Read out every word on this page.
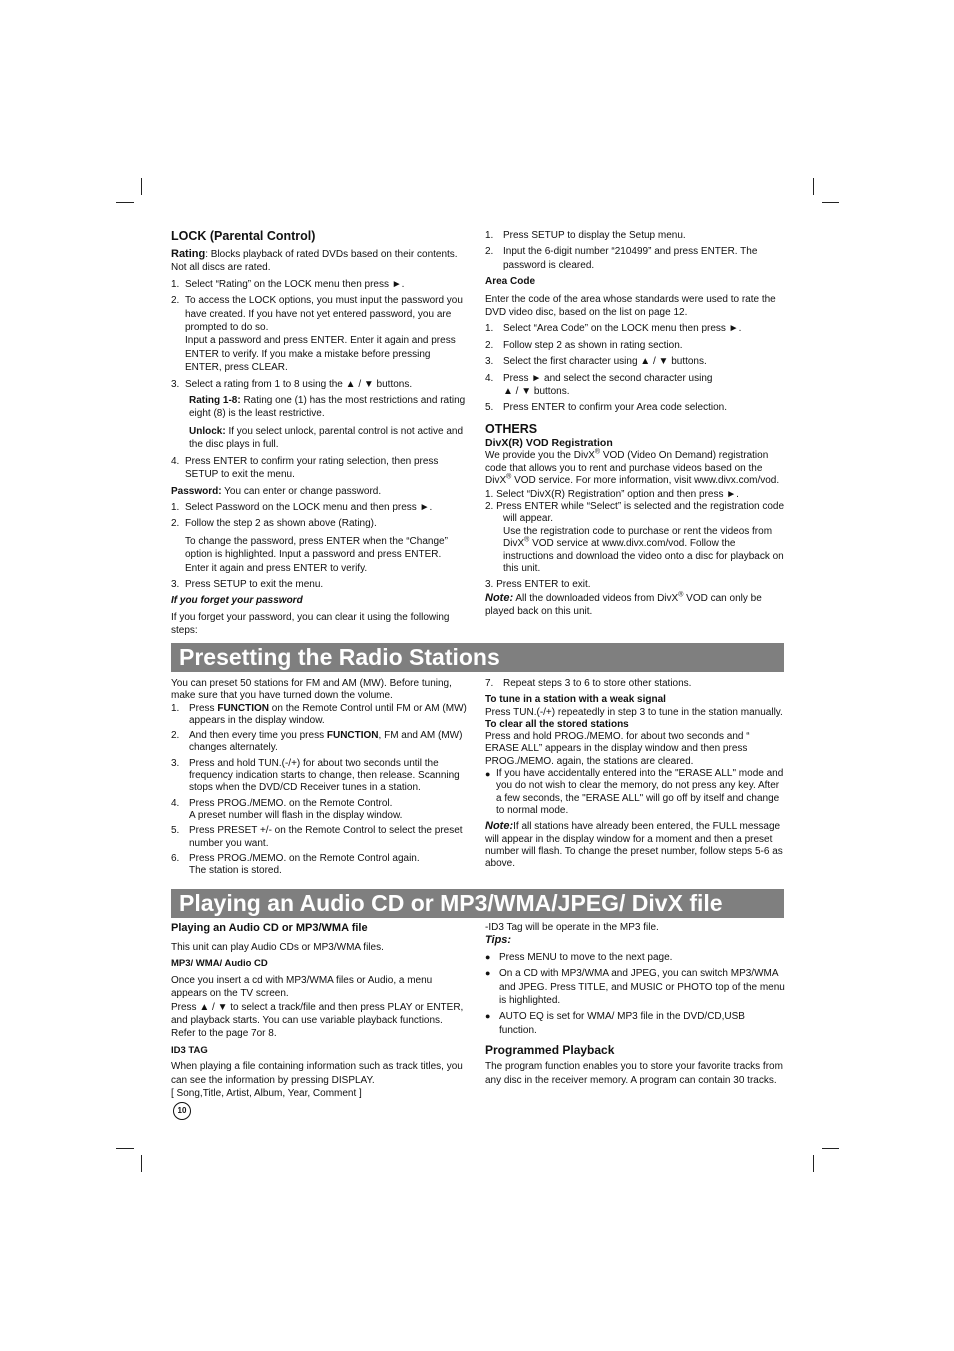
LOCK (Parental Control)

Rating: Blocks playback of rated DVDs based on their contents. Not all discs are rated.

1. Select “Rating” on the LOCK menu then press ►.
2. To access the LOCK options, you must input the password you have created. If you have not yet entered password, you are prompted to do so.

Input a password and press ENTER. Enter it again and press ENTER to verify. If you make a mistake before pressing ENTER, press CLEAR.

3. Select a rating from 1 to 8 using the ▲ / ▼ buttons.

Rating 1-8: Rating one (1) has the most restrictions and rating eight (8) is the least restrictive.

Unlock: If you select unlock, parental control is not active and the disc plays in full.

4. Press ENTER to confirm your rating selection, then press SETUP to exit the menu.

Password: You can enter or change password.

1. Select Password on the LOCK menu and then press ►.
2. Follow the step 2 as shown above (Rating).

To change the password, press ENTER when the “Change” option is highlighted. Input a password and press ENTER. Enter it again and press ENTER to verify.

3. Press SETUP to exit the menu.

If you forget your password

If you forget your password, you can clear it using the following steps:

1. Press SETUP to display the Setup menu.
2. Input the 6-digit number “210499” and press ENTER. The password is cleared.

Area Code

Enter the code of the area whose standards were used to rate the DVD video disc, based on the list on page 12.

1. Select “Area Code” on the LOCK menu then press ►.
2. Follow step 2 as shown in rating section.
3. Select the first character using ▲ / ▼ buttons.
4. Press ► and select the second character using ▲ / ▼ buttons.
5. Press ENTER to confirm your Area code selection.

OTHERS

DivX(R) VOD Registration

We provide you the DivX® VOD (Video On Demand) registration code that allows you to rent and purchase videos based on the DivX® VOD service. For more information, visit www.divx.com/vod.

1. Select “DivX(R) Registration” option and then press ►.

2. Press ENTER while “Select” is selected and the registration code will appear.

Use the registration code to purchase or rent the videos from DivX® VOD service at www.divx.com/vod. Follow the instructions and download the video onto a disc for playback on this unit.

3. Press ENTER to exit.

Note: All the downloaded videos from DivX® VOD can only be played back on this unit.

Presetting the Radio Stations

You can preset 50 stations for FM and AM (MW). Before tuning, make sure that you have turned down the volume.

1. Press FUNCTION on the Remote Control until FM or AM (MW) appears in the display window.
2. And then every time you press FUNCTION, FM and AM (MW) changes alternately.
3. Press and hold TUN.(-/+) for about two seconds until the frequency indication starts to change, then release. Scanning stops when the DVD/CD Receiver tunes in a station.
4. Press PROG./MEMO. on the Remote Control.

A preset number will flash in the display window.

5. Press PRESET +/- on the Remote Control to select the preset number you want.
6. Press PROG./MEMO. on the Remote Control again.

The station is stored.

7. Repeat steps 3 to 6 to store other stations.

To tune in a station with a weak signal

Press TUN.(-/+) repeatedly in step 3 to tune in the station manually.

To clear all the stored stations

Press and hold PROG./MEMO. for about two seconds and “ ERASE ALL” appears in the display window and then press PROG./MEMO. again, the stations are cleared.

● If you have accidentally entered into the "ERASE ALL" mode and you do not wish to clear the memory, do not press any key. After a few seconds, the "ERASE ALL" will go off by itself and change to normal mode.

Note:If all stations have already been entered, the FULL message will appear in the display window for a moment and then a preset number will flash. To change the preset number, follow steps 5-6 as above.

Playing an Audio CD or MP3/WMA/JPEG/ DivX file

Playing an Audio CD or MP3/WMA file

This unit can play Audio CDs or MP3/WMA files.

MP3/ WMA/ Audio CD

Once you insert a cd with MP3/WMA files or Audio, a menu appears on the TV screen.

Press ▲ / ▼ to select a track/file and then press PLAY or ENTER, and playback starts. You can use variable playback functions. Refer to the page 7or 8.

ID3 TAG

When playing a file containing information such as track titles, you can see the information by pressing DISPLAY.

[ Song,Title, Artist, Album, Year, Comment ]

10

-ID3 Tag will be operate in the MP3 file.

Tips:

● Press MENU to move to the next page.
● On a CD with MP3/WMA and JPEG, you can switch MP3/WMA and JPEG. Press TITLE, and MUSIC or PHOTO top of the menu is highlighted.
● AUTO EQ is set for WMA/ MP3 file in the DVD/CD,USB function.

Programmed Playback

The program function enables you to store your favorite tracks from any disc in the receiver memory. A program can contain 30 tracks.
